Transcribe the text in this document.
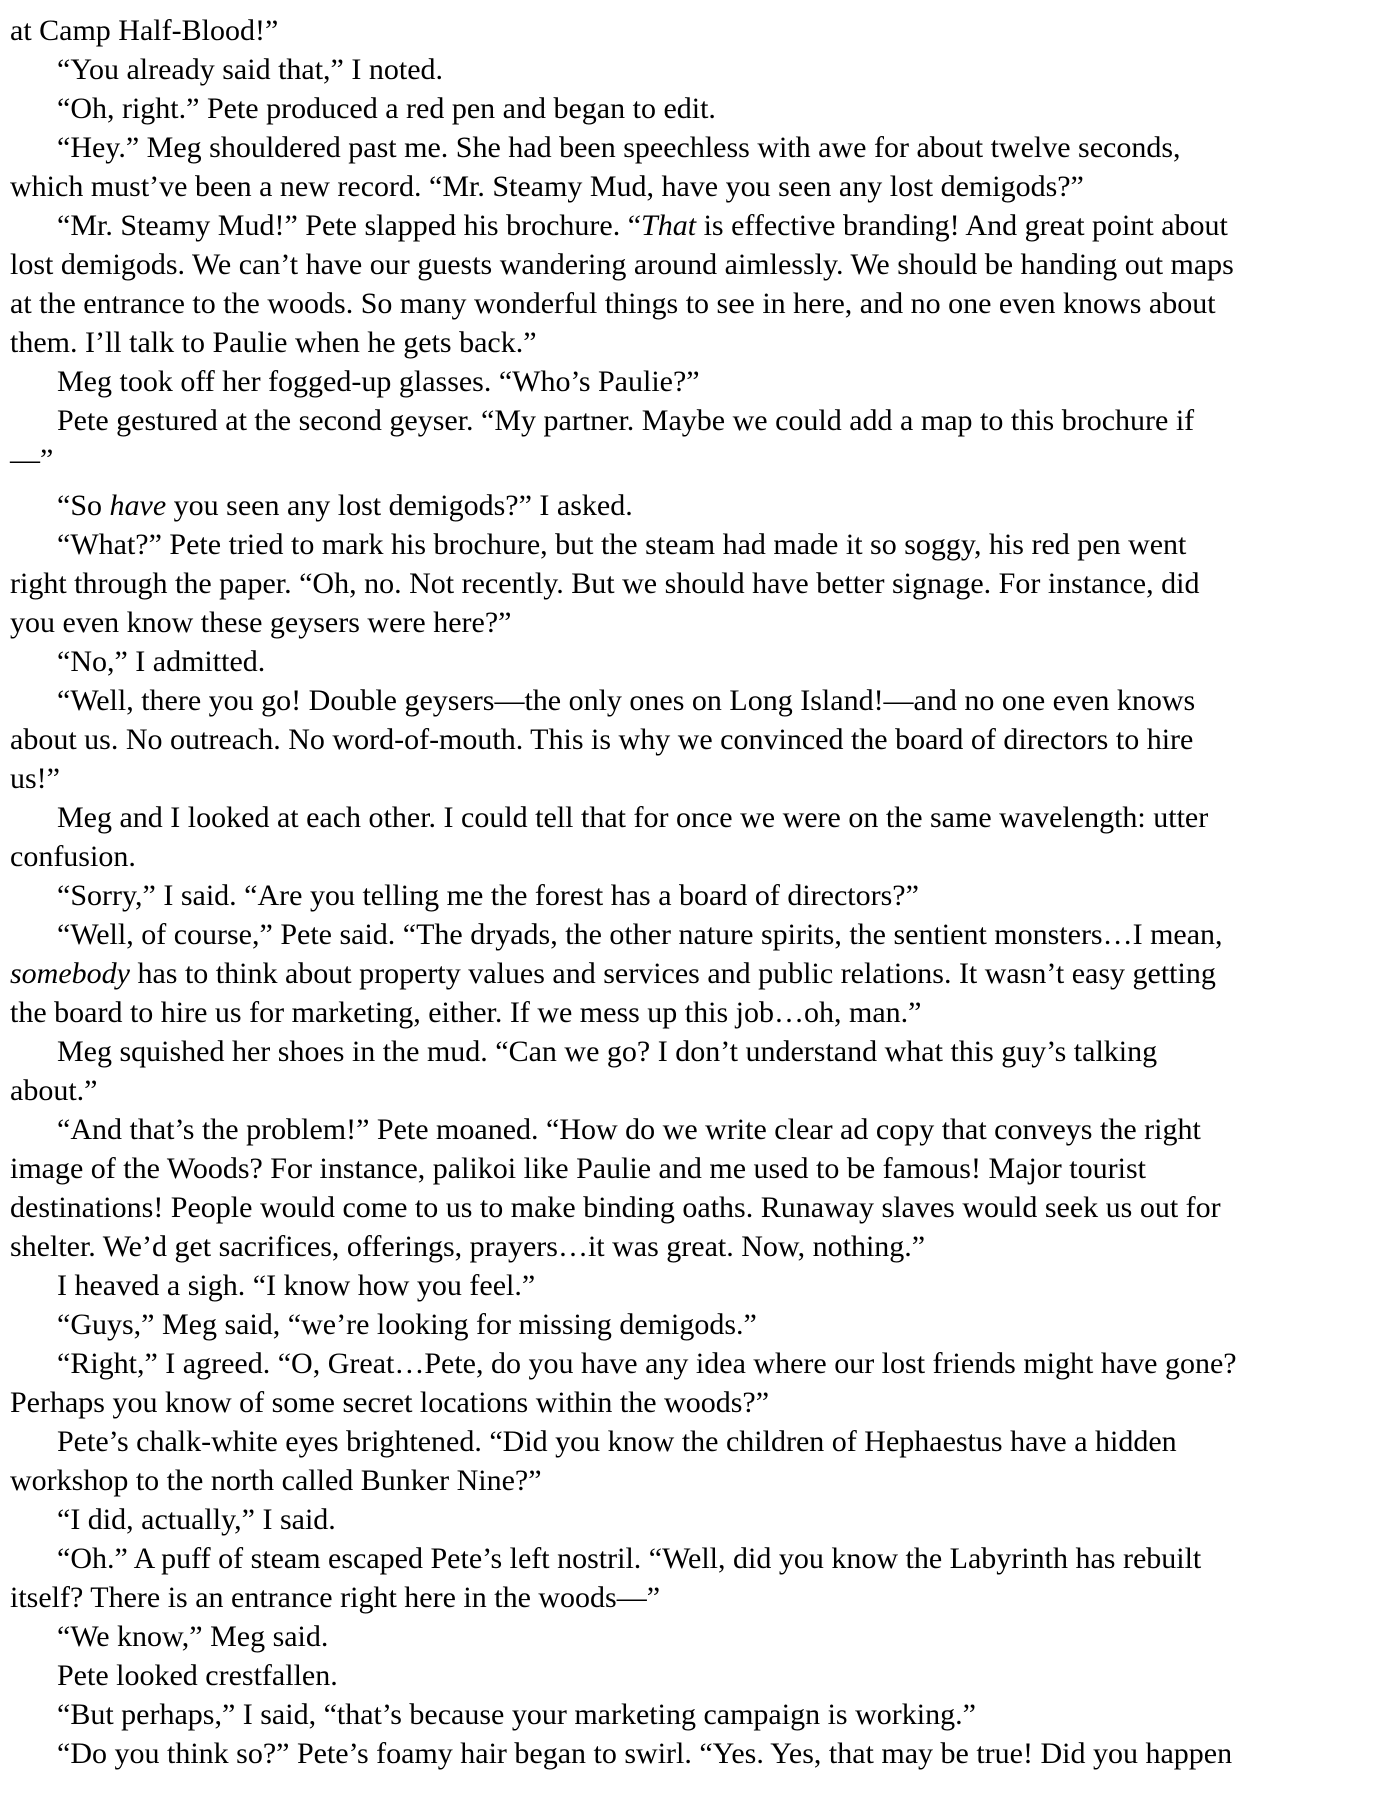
at Camp Half-Blood!”
“You already said that,” I noted.
“Oh, right.” Pete produced a red pen and began to edit.
“Hey.” Meg shouldered past me. She had been speechless with awe for about twelve seconds,
which must’ve been a new record. “Mr. Steamy Mud, have you seen any lost demigods?”
“Mr. Steamy Mud!” Pete slapped his brochure. “That is effective branding! And great point about
lost demigods. We can’t have our guests wandering around aimlessly. We should be handing out maps
at the entrance to the woods. So many wonderful things to see in here, and no one even knows about
them. I’ll talk to Paulie when he gets back.”
Meg took off her fogged-up glasses. “Who’s Paulie?”
Pete gestured at the second geyser. “My partner. Maybe we could add a map to this brochure if
—”
“So have you seen any lost demigods?” I asked.
“What?” Pete tried to mark his brochure, but the steam had made it so soggy, his red pen went
right through the paper. “Oh, no. Not recently. But we should have better signage. For instance, did
you even know these geysers were here?”
“No,” I admitted.
“Well, there you go! Double geysers—the only ones on Long Island!—and no one even knows
about us. No outreach. No word-of-mouth. This is why we convinced the board of directors to hire
us!”
Meg and I looked at each other. I could tell that for once we were on the same wavelength: utter
confusion.
“Sorry,” I said. “Are you telling me the forest has a board of directors?”
“Well, of course,” Pete said. “The dryads, the other nature spirits, the sentient monsters…I mean,
somebody has to think about property values and services and public relations. It wasn’t easy getting
the board to hire us for marketing, either. If we mess up this job…oh, man.”
Meg squished her shoes in the mud. “Can we go? I don’t understand what this guy’s talking
about.”
“And that’s the problem!” Pete moaned. “How do we write clear ad copy that conveys the right
image of the Woods? For instance, palikoi like Paulie and me used to be famous! Major tourist
destinations! People would come to us to make binding oaths. Runaway slaves would seek us out for
shelter. We’d get sacrifices, offerings, prayers…it was great. Now, nothing.”
I heaved a sigh. “I know how you feel.”
“Guys,” Meg said, “we’re looking for missing demigods.”
“Right,” I agreed. “O, Great…Pete, do you have any idea where our lost friends might have gone?
Perhaps you know of some secret locations within the woods?”
Pete’s chalk-white eyes brightened. “Did you know the children of Hephaestus have a hidden
workshop to the north called Bunker Nine?”
“I did, actually,” I said.
“Oh.” A puff of steam escaped Pete’s left nostril. “Well, did you know the Labyrinth has rebuilt
itself? There is an entrance right here in the woods—”
“We know,” Meg said.
Pete looked crestfallen.
“But perhaps,” I said, “that’s because your marketing campaign is working.”
“Do you think so?” Pete’s foamy hair began to swirl. “Yes. Yes, that may be true! Did you happen
